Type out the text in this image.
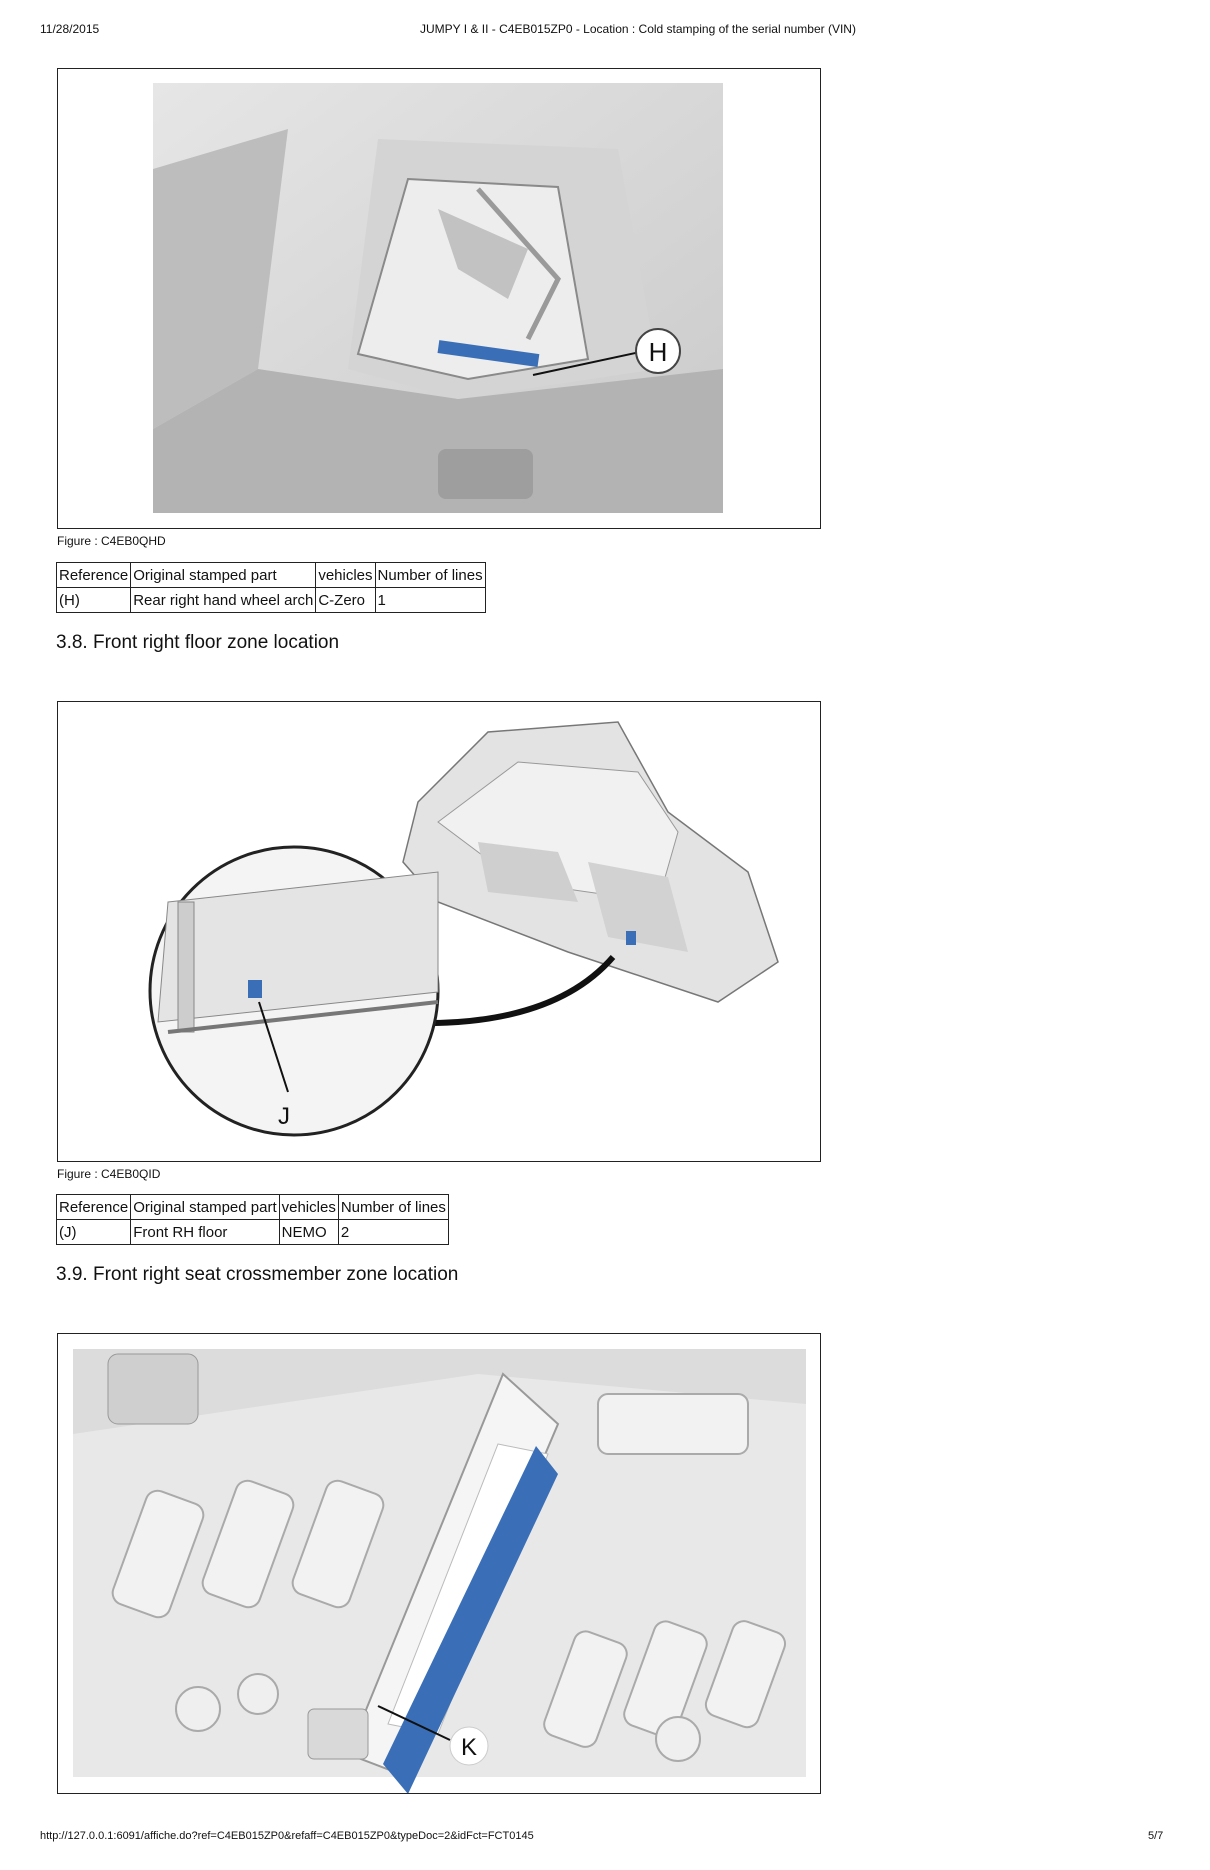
11/28/2015	JUMPY I & II - C4EB015ZP0 - Location : Cold stamping of the serial number (VIN)
H
Figure : C4EB0QHD
Reference	Original stamped part	vehicles	Number of lines
(H)	Rear right hand wheel arch	C-Zero	1
3.8. Front right floor zone location
J
Figure : C4EB0QID
Reference	Original stamped part	vehicles	Number of lines
(J)	Front RH floor	NEMO	2
3.9. Front right seat crossmember zone location
K
http://127.0.0.1:6091/affiche.do?ref=C4EB015ZP0&refaff=C4EB015ZP0&typeDoc=2&idFct=FCT0145	5/7
